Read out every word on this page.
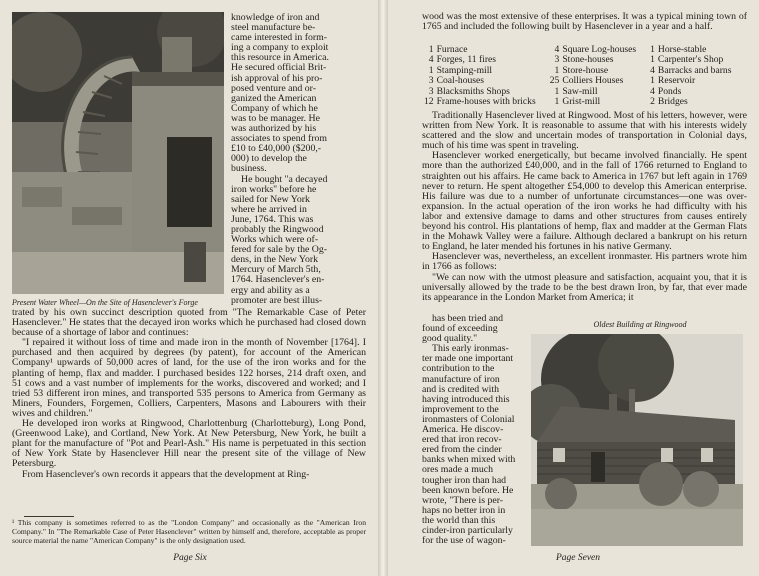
Present Water Wheel—On the Site of Hasenclever's Forge
knowledge of iron and
steel manufacture be-
came interested in form-
ing a company to exploit
this resource in America.
He secured official Brit-
ish approval of his pro-
posed venture and or-
ganized the American
Company of which he
was to be manager. He
was authorized by his
associates to spend from
£10 to £40,000 ($200,-
000) to develop the
business.
He bought "a decayed
iron works" before he
sailed for New York
where he arrived in
June, 1764. This was
probably the Ringwood
Works which were of-
fered for sale by the Og-
dens, in the New York
Mercury of March 5th,
1764. Hasenclever's en-
ergy and ability as a
promoter are best illus-

trated by his own succinct description quoted from "The Remarkable Case of Peter Hasenclever." He states that the decayed iron works which he purchased had closed down because of a shortage of labor and continues:

"I repaired it without loss of time and made iron in the month of November [1764]. I purchased and then acquired by degrees (by patent), for account of the American Company¹ upwards of 50,000 acres of land, for the use of the iron works and for the planting of hemp, flax and madder. I purchased besides 122 horses, 214 draft oxen, and 51 cows and a vast number of implements for the works, discovered and worked; and I tried 53 different iron mines, and transported 535 persons to America from Germany as Miners, Founders, Forgemen, Colliers, Carpenters, Masons and Labourers with their wives and children."

He developed iron works at Ringwood, Charlottenburg (Charlotteburg), Long Pond, (Greenwood Lake), and Cortland, New York. At New Petersburg, New York, he built a plant for the manufacture of "Pot and Pearl-Ash." His name is perpetuated in this section of New York State by Hasenclever Hill near the present site of the village of New Petersburg.

From Hasenclever's own records it appears that the development at Ring-

¹ This company is sometimes referred to as the "London Company" and occasionally as the "American Iron Company." In "The Remarkable Case of Peter Hasenclever" written by himself and, therefore, acceptable as proper source material the name "American Company" is the only designation used.

Page Six

wood was the most extensive of these enterprises. It was a typical mining town of 1765 and included the following built by Hasenclever in a year and a half.

1	Furnace		4	Square Log-houses		1	Horse-stable
4	Forges, 11 fires		3	Stone-houses		1	Carpenter's Shop
1	Stamping-mill		1	Store-house		4	Barracks and barns
3	Coal-houses		25	Colliers Houses		1	Reservoir
3	Blacksmiths Shops		1	Saw-mill		4	Ponds
12	Frame-houses with bricks		1	Grist-mill		2	Bridges

Traditionally Hasenclever lived at Ringwood. Most of his letters, however, were written from New York. It is reasonable to assume that with his interests widely scattered and the slow and uncertain modes of transportation in Colonial days, much of his time was spent in traveling.

Hasenclever worked energetically, but became involved financially. He spent more than the authorized £40,000, and in the fall of 1766 returned to England to straighten out his affairs. He came back to America in 1767 but left again in 1769 never to return. He spent altogether £54,000 to develop this American enterprise. His failure was due to a number of unfortunate circumstances—one was over-expansion. In the actual operation of the iron works he had difficulty with his labor and extensive damage to dams and other structures from causes entirely beyond his control. His plantations of hemp, flax and madder at the German Flats in the Mohawk Valley were a failure. Although declared a bankrupt on his return to England, he later mended his fortunes in his native Germany.

Hasenclever was, nevertheless, an excellent ironmaster. His partners wrote him in 1766 as follows:

"We can now with the utmost pleasure and satisfaction, acquaint you, that it is universally allowed by the trade to be the best drawn Iron, by far, that ever made its appearance in the London Market from America; it

has been tried and
found of exceeding
good quality."
This early ironmas-
ter made one important
contribution to the
manufacture of iron
and is credited with
having introduced this
improvement to the
ironmasters of Colonial
America. He discov-
ered that iron recov-
ered from the cinder
banks when mixed with
ores made a much
tougher iron than had
been known before. He
wrote, "There is per-
haps no better iron in
the world than this
cinder-iron particularly
for the use of wagon-
Oldest Building at Ringwood
Page Seven
